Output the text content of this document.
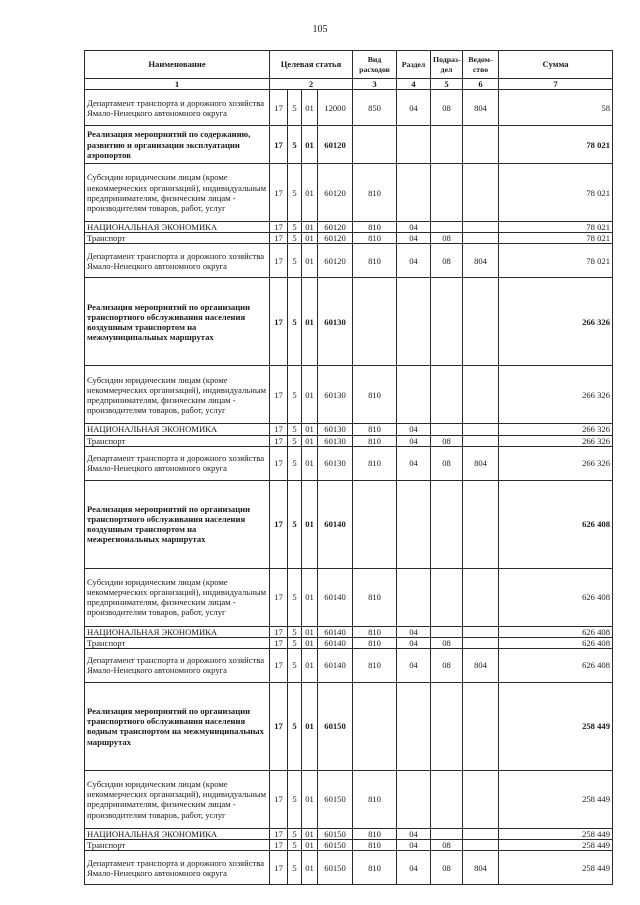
105
Наименование	Целевая статья				Вид расходов	Раздел	Подраз-дел	Ведом-ство	Сумма
1	2				3	4	5	6	7
Департамент транспорта и дорожного хозяйства Ямало-Ненецкого автономного округа	17	5	01	12000	850	04	08	804	58
Реализация мероприятий по содержанию, развитию и организации эксплуатации аэропортов	17	5	01	60120					78 021
Субсидии юридическим лицам (кроме некоммерческих организаций), индивидуальным предпринимателям, физическим лицам - производителям товаров, работ, услуг	17	5	01	60120	810				78 021
НАЦИОНАЛЬНАЯ ЭКОНОМИКА	17	5	01	60120	810	04			78 021
Транспорт	17	5	01	60120	810	04	08		78 021
Департамент транспорта и дорожного хозяйства Ямало-Ненецкого автономного округа	17	5	01	60120	810	04	08	804	78 021
Реализация мероприятий по организации транспортного обслуживания населения воздушным транспортом на межмуниципальных маршрутах	17	5	01	60130					266 326
Субсидии юридическим лицам (кроме некоммерческих организаций), индивидуальным предпринимателям, физическим лицам - производителям товаров, работ, услуг	17	5	01	60130	810				266 326
НАЦИОНАЛЬНАЯ ЭКОНОМИКА	17	5	01	60130	810	04			266 326
Транспорт	17	5	01	60130	810	04	08		266 326
Департамент транспорта и дорожного хозяйства Ямало-Ненецкого автономного округа	17	5	01	60130	810	04	08	804	266 326
Реализация мероприятий по организации транспортного обслуживания населения воздушным транспортом на межрегиональных маршрутах	17	5	01	60140					626 408
Субсидии юридическим лицам (кроме некоммерческих организаций), индивидуальным предпринимателям, физическим лицам - производителям товаров, работ, услуг	17	5	01	60140	810				626 408
НАЦИОНАЛЬНАЯ ЭКОНОМИКА	17	5	01	60140	810	04			626 408
Транспорт	17	5	01	60140	810	04	08		626 408
Департамент транспорта и дорожного хозяйства Ямало-Ненецкого автономного округа	17	5	01	60140	810	04	08	804	626 408
Реализация мероприятий по организации транспортного обслуживания населения водным транспортом на межмуниципальных маршрутах	17	5	01	60150					258 449
Субсидии юридическим лицам (кроме некоммерческих организаций), индивидуальным предпринимателям, физическим лицам - производителям товаров, работ, услуг	17	5	01	60150	810				258 449
НАЦИОНАЛЬНАЯ ЭКОНОМИКА	17	5	01	60150	810	04			258 449
Транспорт	17	5	01	60150	810	04	08		258 449
Департамент транспорта и дорожного хозяйства Ямало-Ненецкого автономного округа	17	5	01	60150	810	04	08	804	258 449
